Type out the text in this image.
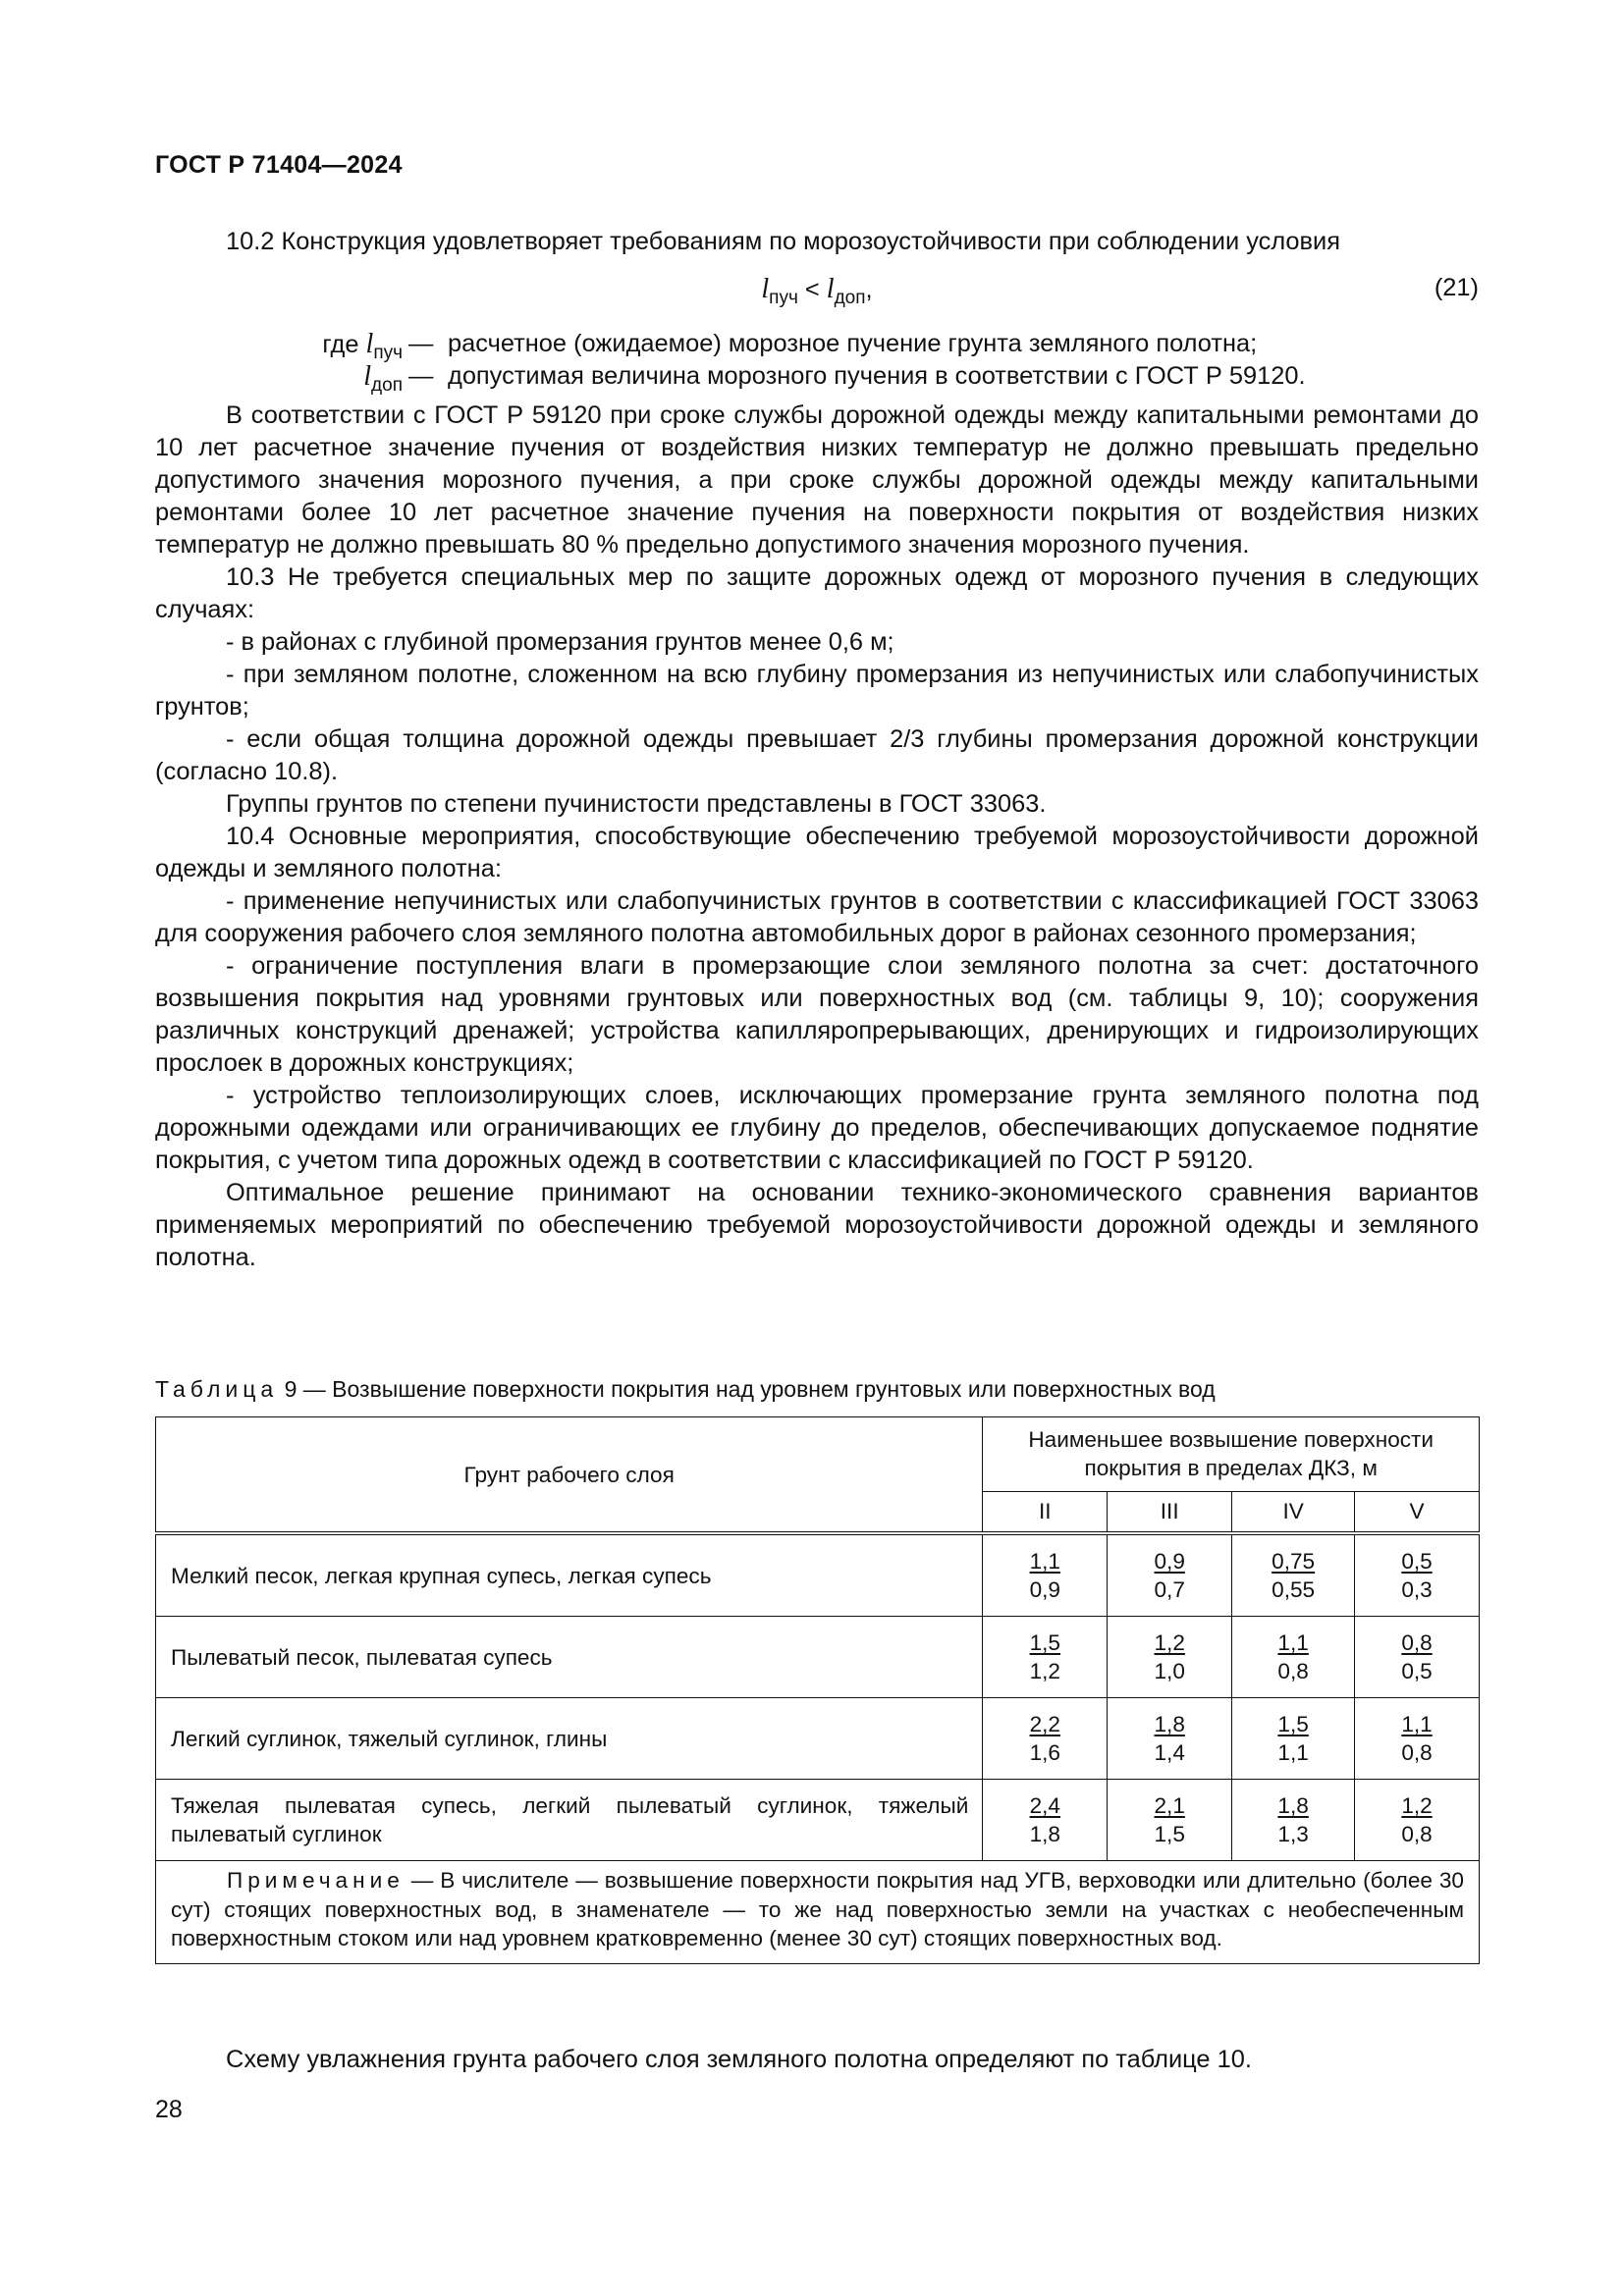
ГОСТ Р 71404—2024

10.2 Конструкция удовлетворяет требованиям по морозоустойчивости при соблюдении условия

$l_{пуч} < l_{доп}$,	(21)
где $l_{пуч}$ — расчетное (ожидаемое) морозное пучение грунта земляного полотна;
$l_{доп}$ — допустимая величина морозного пучения в соответствии с ГОСТ Р 59120.

В соответствии с ГОСТ Р 59120 при сроке службы дорожной одежды между капитальными ремонтами до 10 лет расчетное значение пучения от воздействия низких температур не должно превышать предельно допустимого значения морозного пучения, а при сроке службы дорожной одежды между капитальными ремонтами более 10 лет расчетное значение пучения на поверхности покрытия от воздействия низких температур не должно превышать 80 % предельно допустимого значения морозного пучения.

10.3 Не требуется специальных мер по защите дорожных одежд от морозного пучения в следующих случаях:

- в районах с глубиной промерзания грунтов менее 0,6 м;

- при земляном полотне, сложенном на всю глубину промерзания из непучинистых или слабопучинистых грунтов;

- если общая толщина дорожной одежды превышает 2/3 глубины промерзания дорожной конструкции (согласно 10.8).

Группы грунтов по степени пучинистости представлены в ГОСТ 33063.

10.4 Основные мероприятия, способствующие обеспечению требуемой морозоустойчивости дорожной одежды и земляного полотна:

- применение непучинистых или слабопучинистых грунтов в соответствии с классификацией ГОСТ 33063 для сооружения рабочего слоя земляного полотна автомобильных дорог в районах сезонного промерзания;

- ограничение поступления влаги в промерзающие слои земляного полотна за счет: достаточного возвышения покрытия над уровнями грунтовых или поверхностных вод (см. таблицы 9, 10); сооружения различных конструкций дренажей; устройства капилляропрерывающих, дренирующих и гидроизолирующих прослоек в дорожных конструкциях;

- устройство теплоизолирующих слоев, исключающих промерзание грунта земляного полотна под дорожными одеждами или ограничивающих ее глубину до пределов, обеспечивающих допускаемое поднятие покрытия, с учетом типа дорожных одежд в соответствии с классификацией по ГОСТ Р 59120.

Оптимальное решение принимают на основании технико-экономического сравнения вариантов применяемых мероприятий по обеспечению требуемой морозоустойчивости дорожной одежды и земляного полотна.

Таблица 9 — Возвышение поверхности покрытия над уровнем грунтовых или поверхностных вод
Грунт рабочего слоя	Наименьшее возвышение поверхности покрытия в пределах ДКЗ, м			
	II	III	IV	V
Мелкий песок, легкая крупная супесь, легкая супесь	$\frac{1,1}{0,9}$	$\frac{0,9}{0,7}$	$\frac{0,75}{0,55}$	$\frac{0,5}{0,3}$

Пылеватый песок, пылеватая супесь	$\frac{1,5}{1,2}$	$\frac{1,2}{1,0}$	$\frac{1,1}{0,8}$	$\frac{0,8}{0,5}$

Легкий суглинок, тяжелый суглинок, глины	$\frac{2,2}{1,6}$	$\frac{1,8}{1,4}$	$\frac{1,5}{1,1}$	$\frac{1,1}{0,8}$

Тяжелая пылеватая супесь, легкий пылеватый суглинок, тяжелый пылеватый суглинок	$\frac{2,4}{1,8}$	$\frac{2,1}{1,5}$	$\frac{1,8}{1,3}$	$\frac{1,2}{0,8}$

Примечание — В числителе — возвышение поверхности покрытия над УГВ, верховодки или длительно (более 30 сут) стоящих поверхностных вод, в знаменателе — то же над поверхностью земли на участках с необеспеченным поверхностным стоком или над уровнем кратковременно (менее 30 сут) стоящих поверхностных вод.				

Схему увлажнения грунта рабочего слоя земляного полотна определяют по таблице 10.

28
